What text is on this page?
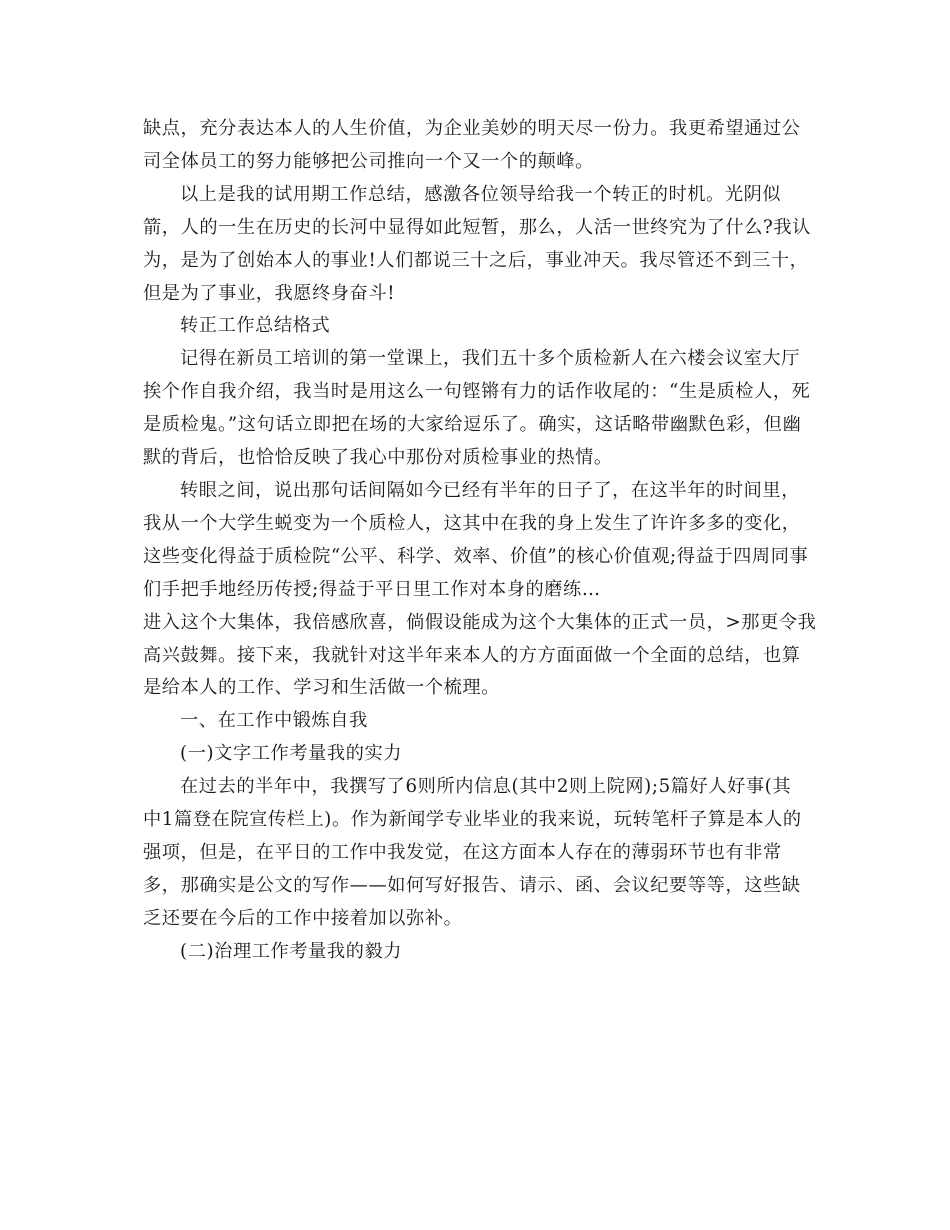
缺点，充分表达本人的人生价值，为企业美妙的明天尽一份力。我更希望通过公
司全体员工的努力能够把公司推向一个又一个的颠峰。

以上是我的试用期工作总结，感激各位领导给我一个转正的时机。光阴似
箭，人的一生在历史的长河中显得如此短暂，那么，人活一世终究为了什么?我认
为，是为了创始本人的事业!人们都说三十之后，事业冲天。我尽管还不到三十，
但是为了事业，我愿终身奋斗!

转正工作总结格式

记得在新员工培训的第一堂课上，我们五十多个质检新人在六楼会议室大厅
挨个作自我介绍，我当时是用这么一句铿锵有力的话作收尾的：“生是质检人，死
是质检鬼。”这句话立即把在场的大家给逗乐了。确实，这话略带幽默色彩，但幽
默的背后，也恰恰反映了我心中那份对质检事业的热情。

转眼之间，说出那句话间隔如今已经有半年的日子了，在这半年的时间里，
我从一个大学生蜕变为一个质检人，这其中在我的身上发生了许许多多的变化，
这些变化得益于质检院“公平、科学、效率、价值”的核心价值观;得益于四周同事
们手把手地经历传授;得益于平日里工作对本身的磨练…

进入这个大集体，我倍感欣喜，倘假设能成为这个大集体的正式一员，>那更令我
高兴鼓舞。接下来，我就针对这半年来本人的方方面面做一个全面的总结，也算
是给本人的工作、学习和生活做一个梳理。

一、在工作中锻炼自我

(一)文字工作考量我的实力

在过去的半年中，我撰写了6则所内信息(其中2则上院网);5篇好人好事(其
中1篇登在院宣传栏上)。作为新闻学专业毕业的我来说，玩转笔杆子算是本人的
强项，但是，在平日的工作中我发觉，在这方面本人存在的薄弱环节也有非常
多，那确实是公文的写作——如何写好报告、请示、函、会议纪要等等，这些缺
乏还要在今后的工作中接着加以弥补。

(二)治理工作考量我的毅力
